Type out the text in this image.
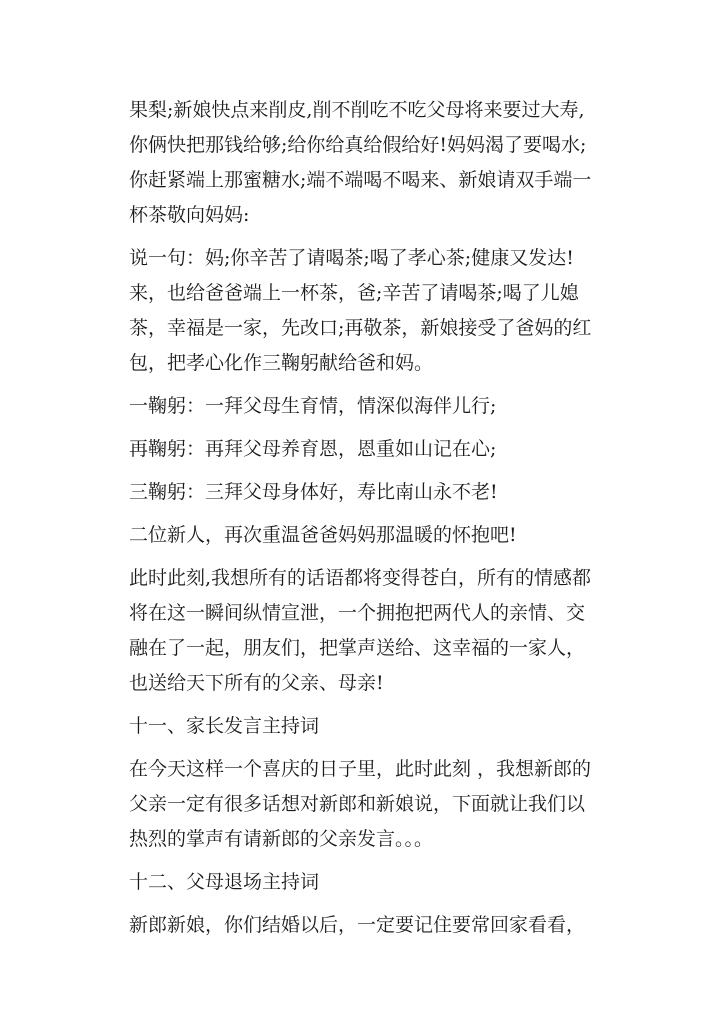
果梨;新娘快点来削皮,削不削吃不吃父母将来要过大寿,
你俩快把那钱给够;给你给真给假给好!妈妈渴了要喝水;
你赶紧端上那蜜糖水;端不端喝不喝来、新娘请双手端一
杯茶敬向妈妈:
说一句：妈;你辛苦了请喝茶;喝了孝心茶;健康又发达!
来，也给爸爸端上一杯茶，爸;辛苦了请喝茶;喝了儿媳
茶，幸福是一家，先改口;再敬茶，新娘接受了爸妈的红
包，把孝心化作三鞠躬献给爸和妈。
一鞠躬：一拜父母生育情，情深似海伴儿行;
再鞠躬：再拜父母养育恩，恩重如山记在心;
三鞠躬：三拜父母身体好，寿比南山永不老!
二位新人，再次重温爸爸妈妈那温暖的怀抱吧!
此时此刻,我想所有的话语都将变得苍白，所有的情感都
将在这一瞬间纵情宣泄，一个拥抱把两代人的亲情、交
融在了一起，朋友们，把掌声送给、这幸福的一家人，
也送给天下所有的父亲、母亲!
十一、家长发言主持词
在今天这样一个喜庆的日子里，此时此刻 ，我想新郎的
父亲一定有很多话想对新郎和新娘说，下面就让我们以
热烈的掌声有请新郎的父亲发言。。。
十二、父母退场主持词
新郎新娘，你们结婚以后，一定要记住要常回家看看，
